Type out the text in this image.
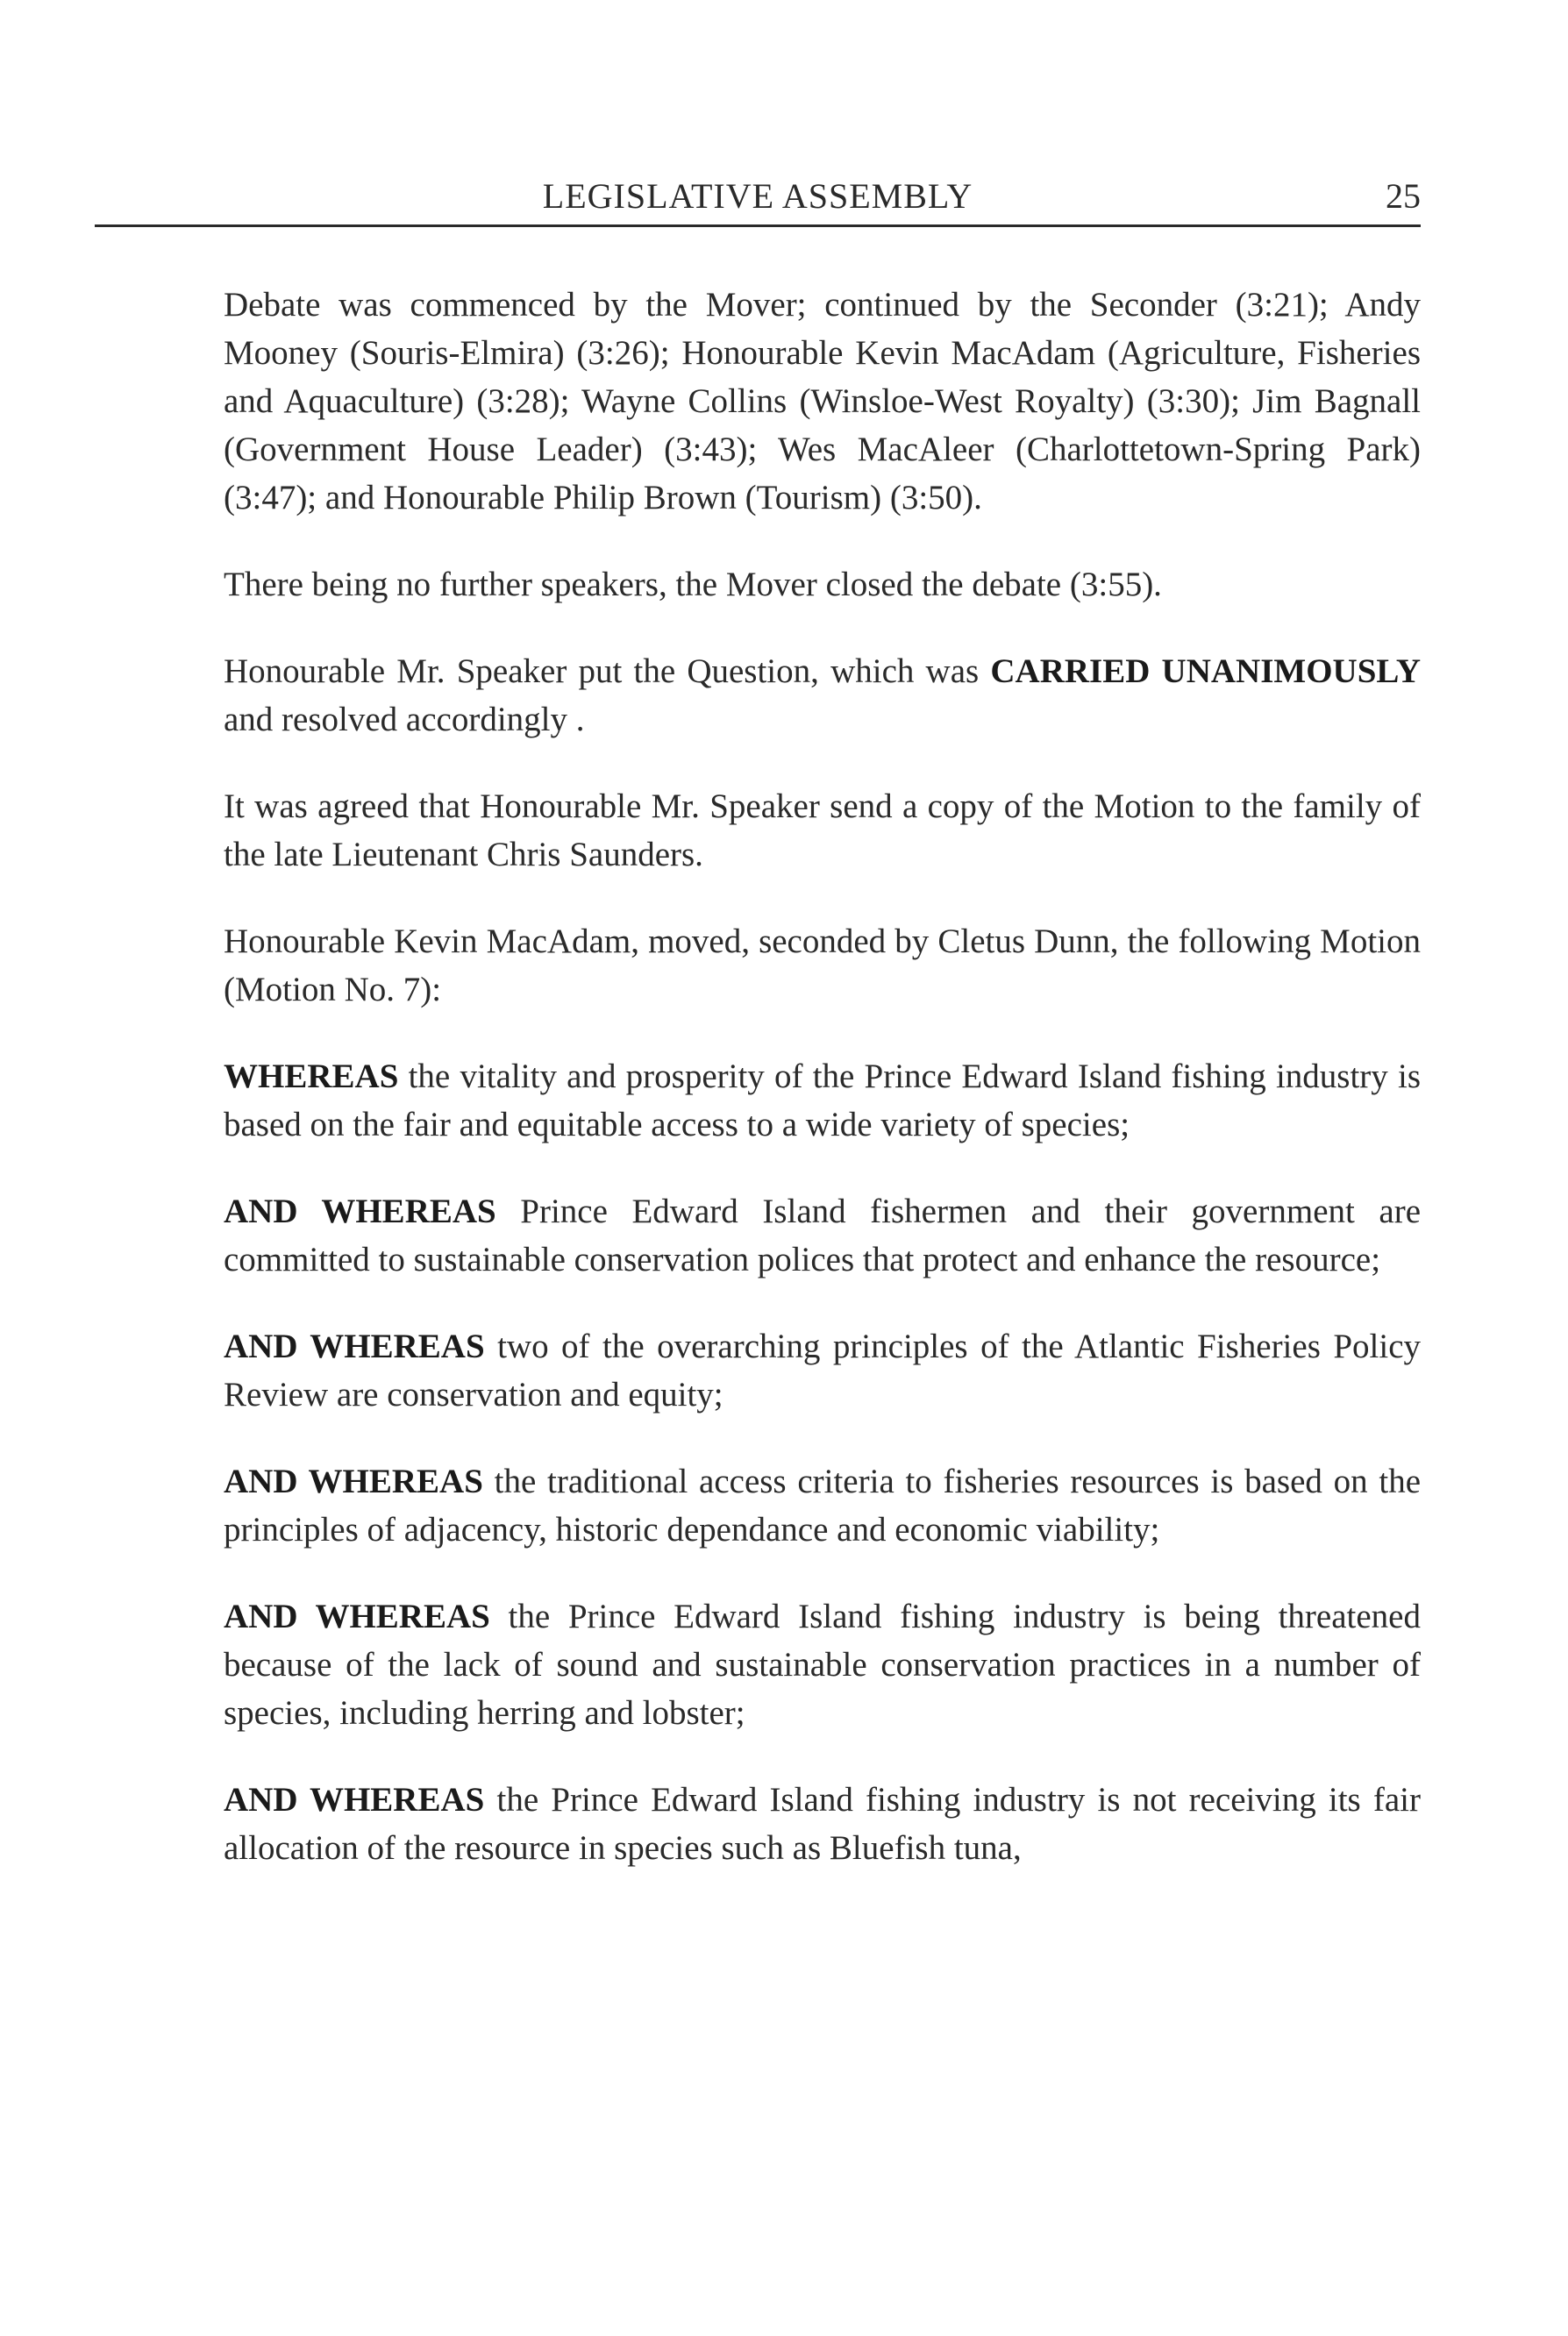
LEGISLATIVE ASSEMBLY	25

Debate was commenced by the Mover; continued by the Seconder (3:21); Andy Mooney (Souris-Elmira) (3:26); Honourable Kevin MacAdam (Agriculture, Fisheries and Aquaculture) (3:28); Wayne Collins (Winsloe-West Royalty) (3:30); Jim Bagnall (Government House Leader) (3:43); Wes MacAleer (Charlottetown-Spring Park) (3:47); and Honourable Philip Brown (Tourism) (3:50).

There being no further speakers, the Mover closed the debate (3:55).

Honourable Mr. Speaker put the Question, which was CARRIED UNANIMOUSLY and resolved accordingly .

It was agreed that Honourable Mr. Speaker send a copy of the Motion to the family of the late Lieutenant Chris Saunders.

Honourable Kevin MacAdam, moved, seconded by Cletus Dunn, the following Motion (Motion No. 7):

WHEREAS the vitality and prosperity of the Prince Edward Island fishing industry is based on the fair and equitable access to a wide variety of species;

AND WHEREAS Prince Edward Island fishermen and their government are committed to sustainable conservation polices that protect and enhance the resource;

AND WHEREAS two of the overarching principles of the Atlantic Fisheries Policy Review are conservation and equity;

AND WHEREAS the traditional access criteria to fisheries resources is based on the principles of adjacency, historic dependance and economic viability;

AND WHEREAS the Prince Edward Island fishing industry is being threatened because of the lack of sound and sustainable conservation practices in a number of species, including herring and lobster;

AND WHEREAS the Prince Edward Island fishing industry is not receiving its fair allocation of the resource in species such as Bluefish tuna,
